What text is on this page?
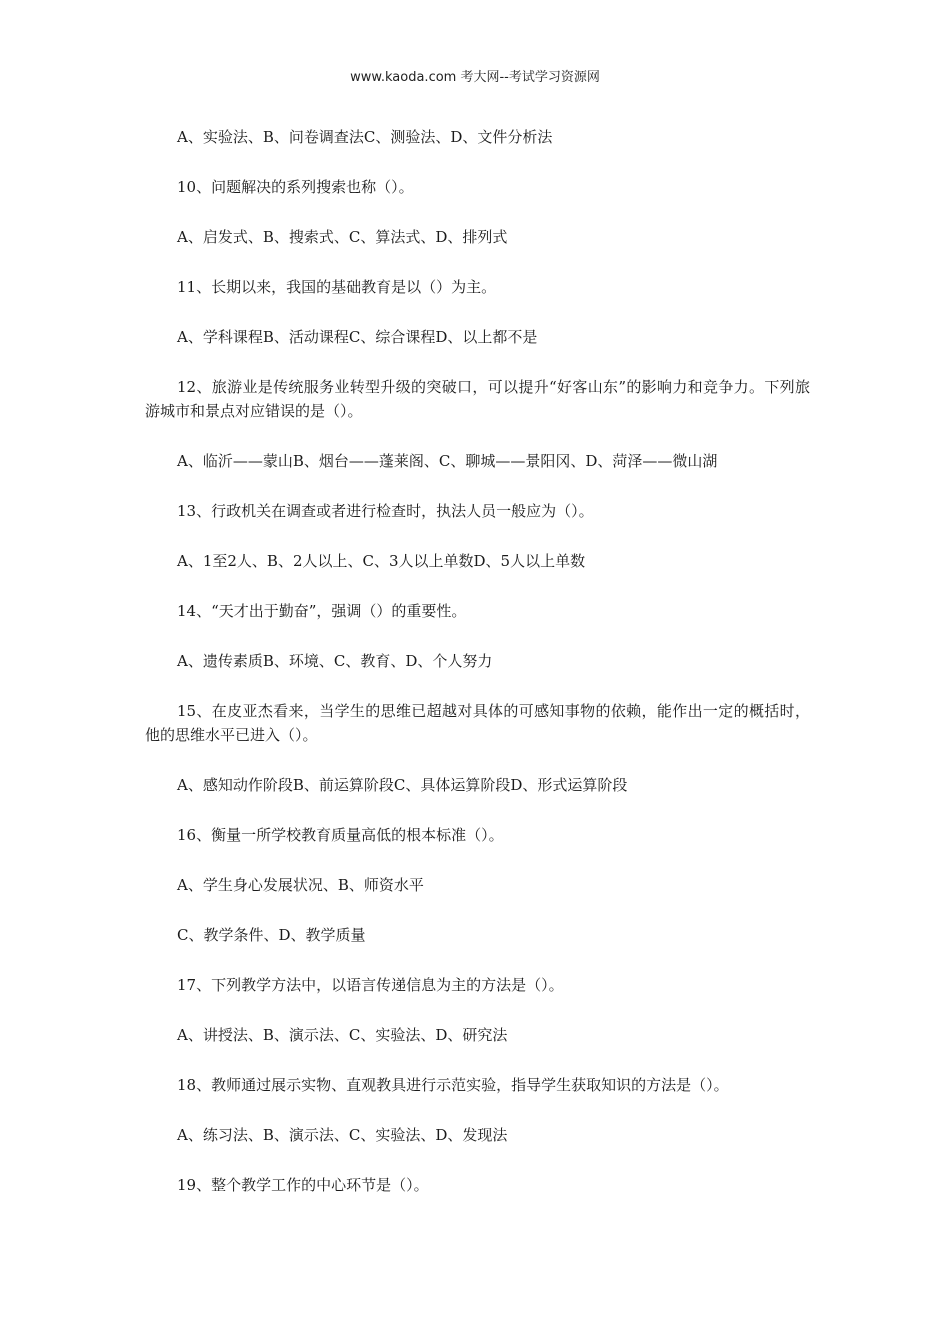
www.kaoda.com 考大网--考试学习资源网
A、实验法、B、问卷调查法C、测验法、D、文件分析法
10、问题解决的系列搜索也称（）。
A、启发式、B、搜索式、C、算法式、D、排列式
11、长期以来，我国的基础教育是以（）为主。
A、学科课程B、活动课程C、综合课程D、以上都不是
12、旅游业是传统服务业转型升级的突破口，可以提升“好客山东”的影响力和竞争力。下列旅游城市和景点对应错误的是（）。
A、临沂——蒙山B、烟台——蓬莱阁、C、聊城——景阳冈、D、菏泽——微山湖
13、行政机关在调查或者进行检查时，执法人员一般应为（）。
A、1至2人、B、2人以上、C、3人以上单数D、5人以上单数
14、“天才出于勤奋”，强调（）的重要性。
A、遗传素质B、环境、C、教育、D、个人努力
15、在皮亚杰看来，当学生的思维已超越对具体的可感知事物的依赖，能作出一定的概括时，他的思维水平已进入（）。
A、感知动作阶段B、前运算阶段C、具体运算阶段D、形式运算阶段
16、衡量一所学校教育质量高低的根本标准（）。
A、学生身心发展状况、B、师资水平
C、教学条件、D、教学质量
17、下列教学方法中，以语言传递信息为主的方法是（）。
A、讲授法、B、演示法、C、实验法、D、研究法
18、教师通过展示实物、直观教具进行示范实验，指导学生获取知识的方法是（）。
A、练习法、B、演示法、C、实验法、D、发现法
19、整个教学工作的中心环节是（）。
